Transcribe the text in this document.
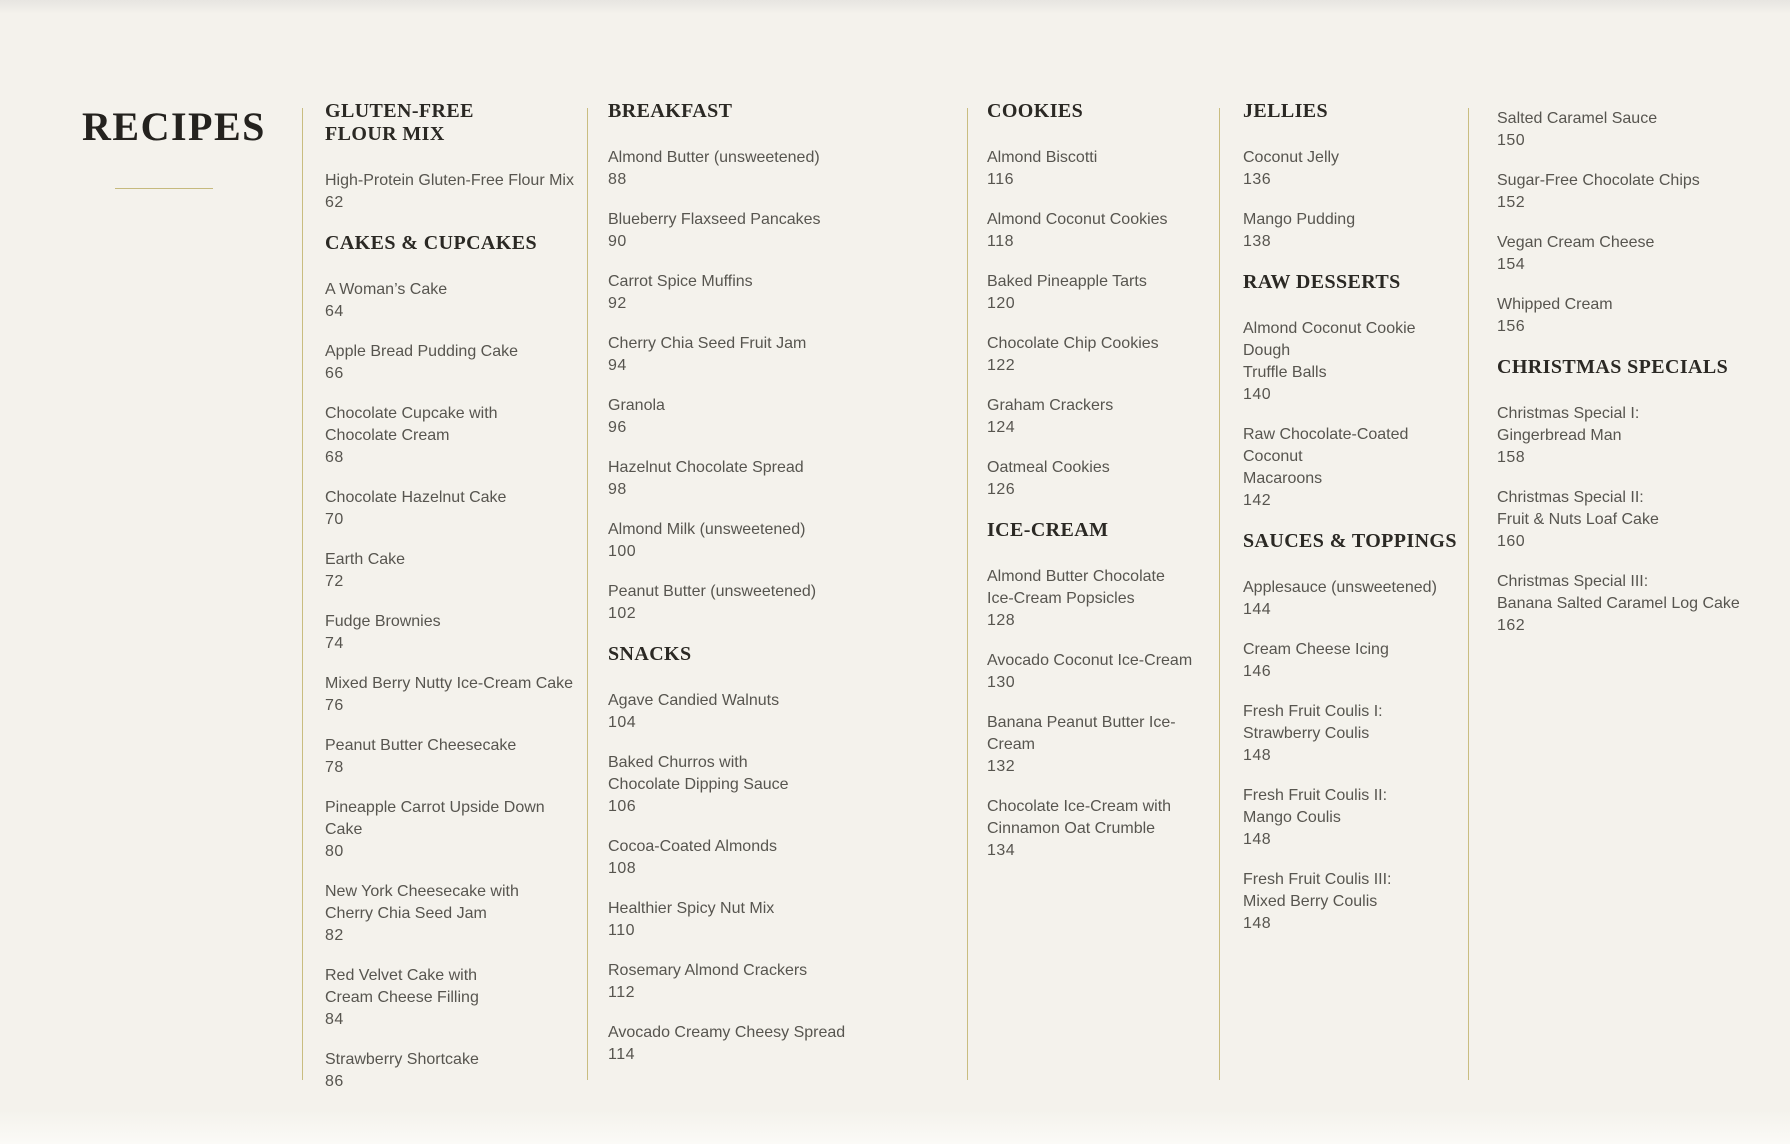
RECIPES	GLUTEN-FREE
FLOUR MIX
High-Protein Gluten-Free Flour Mix
62
CAKES & CUPCAKES
A Woman’s Cake
64
Apple Bread Pudding Cake
66
Chocolate Cupcake with
Chocolate Cream
68
Chocolate Hazelnut Cake
70
Earth Cake
72
Fudge Brownies
74
Mixed Berry Nutty Ice-Cream Cake
76
Peanut Butter Cheesecake
78
Pineapple Carrot Upside Down Cake
80
New York Cheesecake with
Cherry Chia Seed Jam
82
Red Velvet Cake with
Cream Cheese Filling
84
Strawberry Shortcake
86
BREAKFAST
Almond Butter (unsweetened)
88
Blueberry Flaxseed Pancakes
90
Carrot Spice Muffins
92
Cherry Chia Seed Fruit Jam
94
Granola
96
Hazelnut Chocolate Spread
98
Almond Milk (unsweetened)
100
Peanut Butter (unsweetened)
102
SNACKS
Agave Candied Walnuts
104
Baked Churros with
Chocolate Dipping Sauce
106
Cocoa-Coated Almonds
108
Healthier Spicy Nut Mix
110
Rosemary Almond Crackers
112
Avocado Creamy Cheesy Spread
114
COOKIES
Almond Biscotti
116
Almond Coconut Cookies
118
Baked Pineapple Tarts
120
Chocolate Chip Cookies
122
Graham Crackers
124
Oatmeal Cookies
126
ICE-CREAM
Almond Butter Chocolate
Ice-Cream Popsicles
128
Avocado Coconut Ice-Cream
130
Banana Peanut Butter Ice-Cream
132
Chocolate Ice-Cream with
Cinnamon Oat Crumble
134
JELLIES
Coconut Jelly
136
Mango Pudding
138
RAW DESSERTS
Almond Coconut Cookie Dough
Truffle Balls
140
Raw Chocolate-Coated Coconut
Macaroons
142
SAUCES & TOPPINGS
Applesauce (unsweetened)
144
Cream Cheese Icing
146
Fresh Fruit Coulis I:
Strawberry Coulis
148
Fresh Fruit Coulis II:
Mango Coulis
148
Fresh Fruit Coulis III:
Mixed Berry Coulis
148
Salted Caramel Sauce
150
Sugar-Free Chocolate Chips
152
Vegan Cream Cheese
154
Whipped Cream
156
CHRISTMAS SPECIALS
Christmas Special I:
Gingerbread Man
158
Christmas Special II:
Fruit & Nuts Loaf Cake
160
Christmas Special III:
Banana Salted Caramel Log Cake
162
